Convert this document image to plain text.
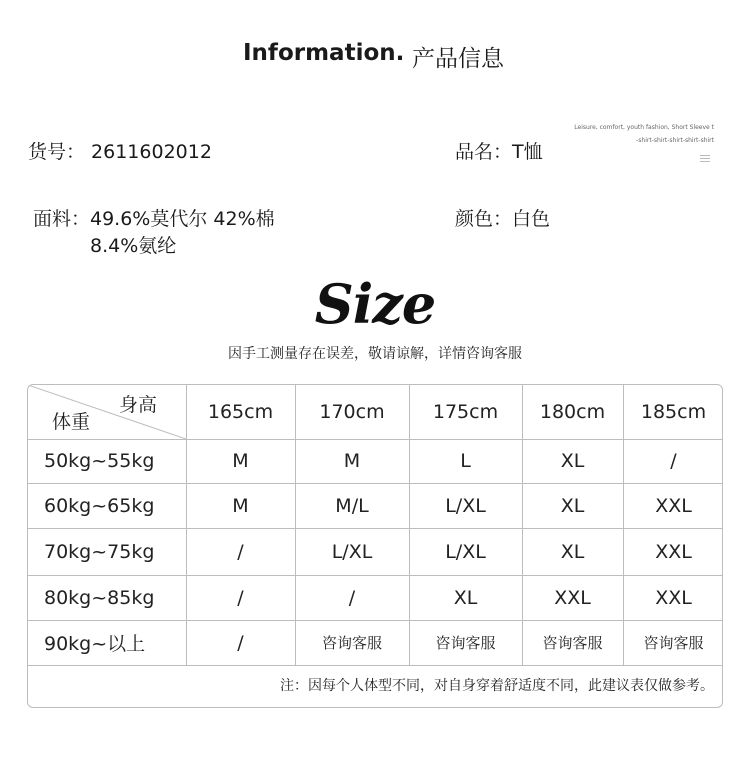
Information. 产品信息
货号： 2611602012	品名：T恤
面料：49.6%莫代尔 42%棉
8.4%氨纶
颜色：白色
Leisure, comfort, youth fashion, Short Sleeve t
-shirt-shirt-shirt-shirt-shirt
Size
因手工测量存在误差，敬请谅解，详情咨询客服
身高
体重	165cm	170cm	175cm	180cm	185cm
50kg~55kg	M	M	L	XL	/
60kg~65kg	M	M/L	L/XL	XL	XXL
70kg~75kg	/	L/XL	L/XL	XL	XXL
80kg~85kg	/	/	XL	XXL	XXL
90kg~以上	/	咨询客服	咨询客服	咨询客服	咨询客服
注：因每个人体型不同，对自身穿着舒适度不同，此建议表仅做参考。
